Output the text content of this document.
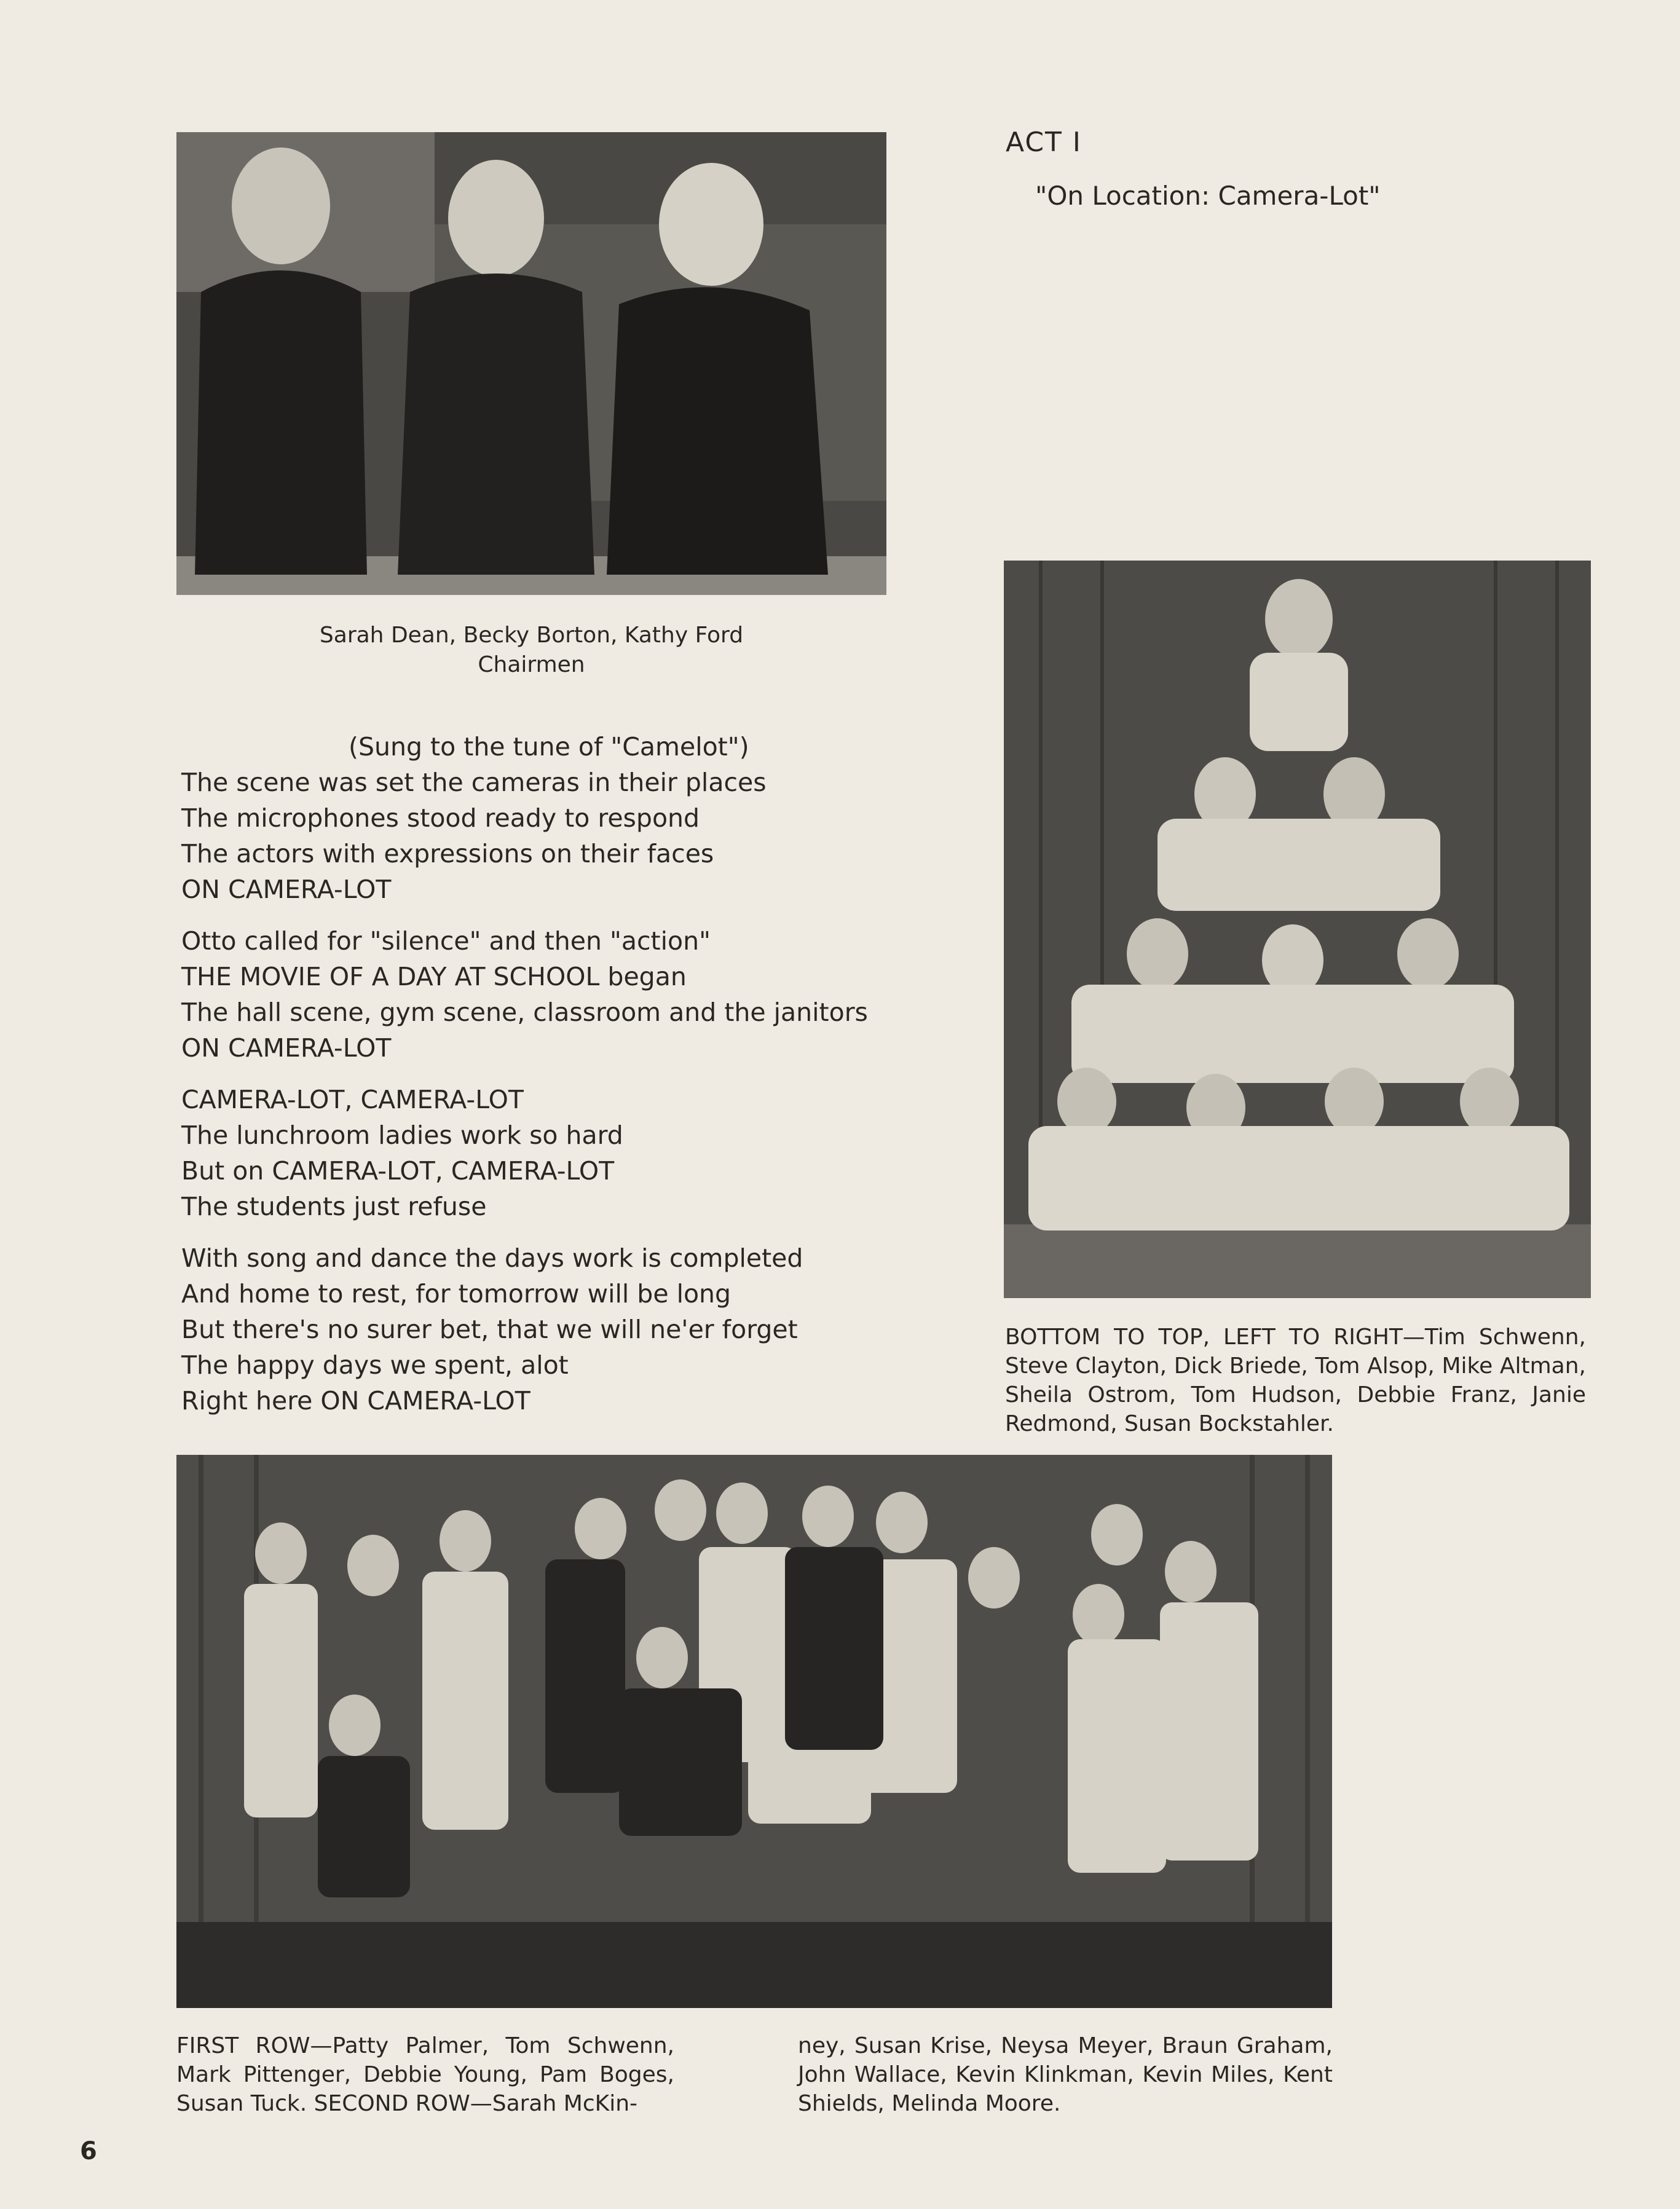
ACT I
"On Location: Camera-Lot"
Sarah Dean, Becky Borton, Kathy Ford
Chairmen
(Sung to the tune of "Camelot")
The scene was set the cameras in their places
The microphones stood ready to respond
The actors with expressions on their faces
ON CAMERA-LOT
Otto called for "silence" and then "action"
THE MOVIE OF A DAY AT SCHOOL began
The hall scene, gym scene, classroom and the janitors
ON CAMERA-LOT
CAMERA-LOT, CAMERA-LOT
The lunchroom ladies work so hard
But on CAMERA-LOT, CAMERA-LOT
The students just refuse
With song and dance the days work is completed
And home to rest, for tomorrow will be long
But there's no surer bet, that we will ne'er forget
The happy days we spent, alot
Right here ON CAMERA-LOT
BOTTOM TO TOP, LEFT TO RIGHT—Tim Schwenn, Steve Clayton, Dick Briede, Tom Alsop, Mike Altman, Sheila Ostrom, Tom Hudson, Debbie Franz, Janie Redmond, Susan Bockstahler.
FIRST ROW—Patty Palmer, Tom Schwenn, Mark Pittenger, Debbie Young, Pam Boges, Susan Tuck. SECOND ROW—Sarah McKin-
ney, Susan Krise, Neysa Meyer, Braun Graham, John Wallace, Kevin Klinkman, Kevin Miles, Kent Shields, Melinda Moore.
6
